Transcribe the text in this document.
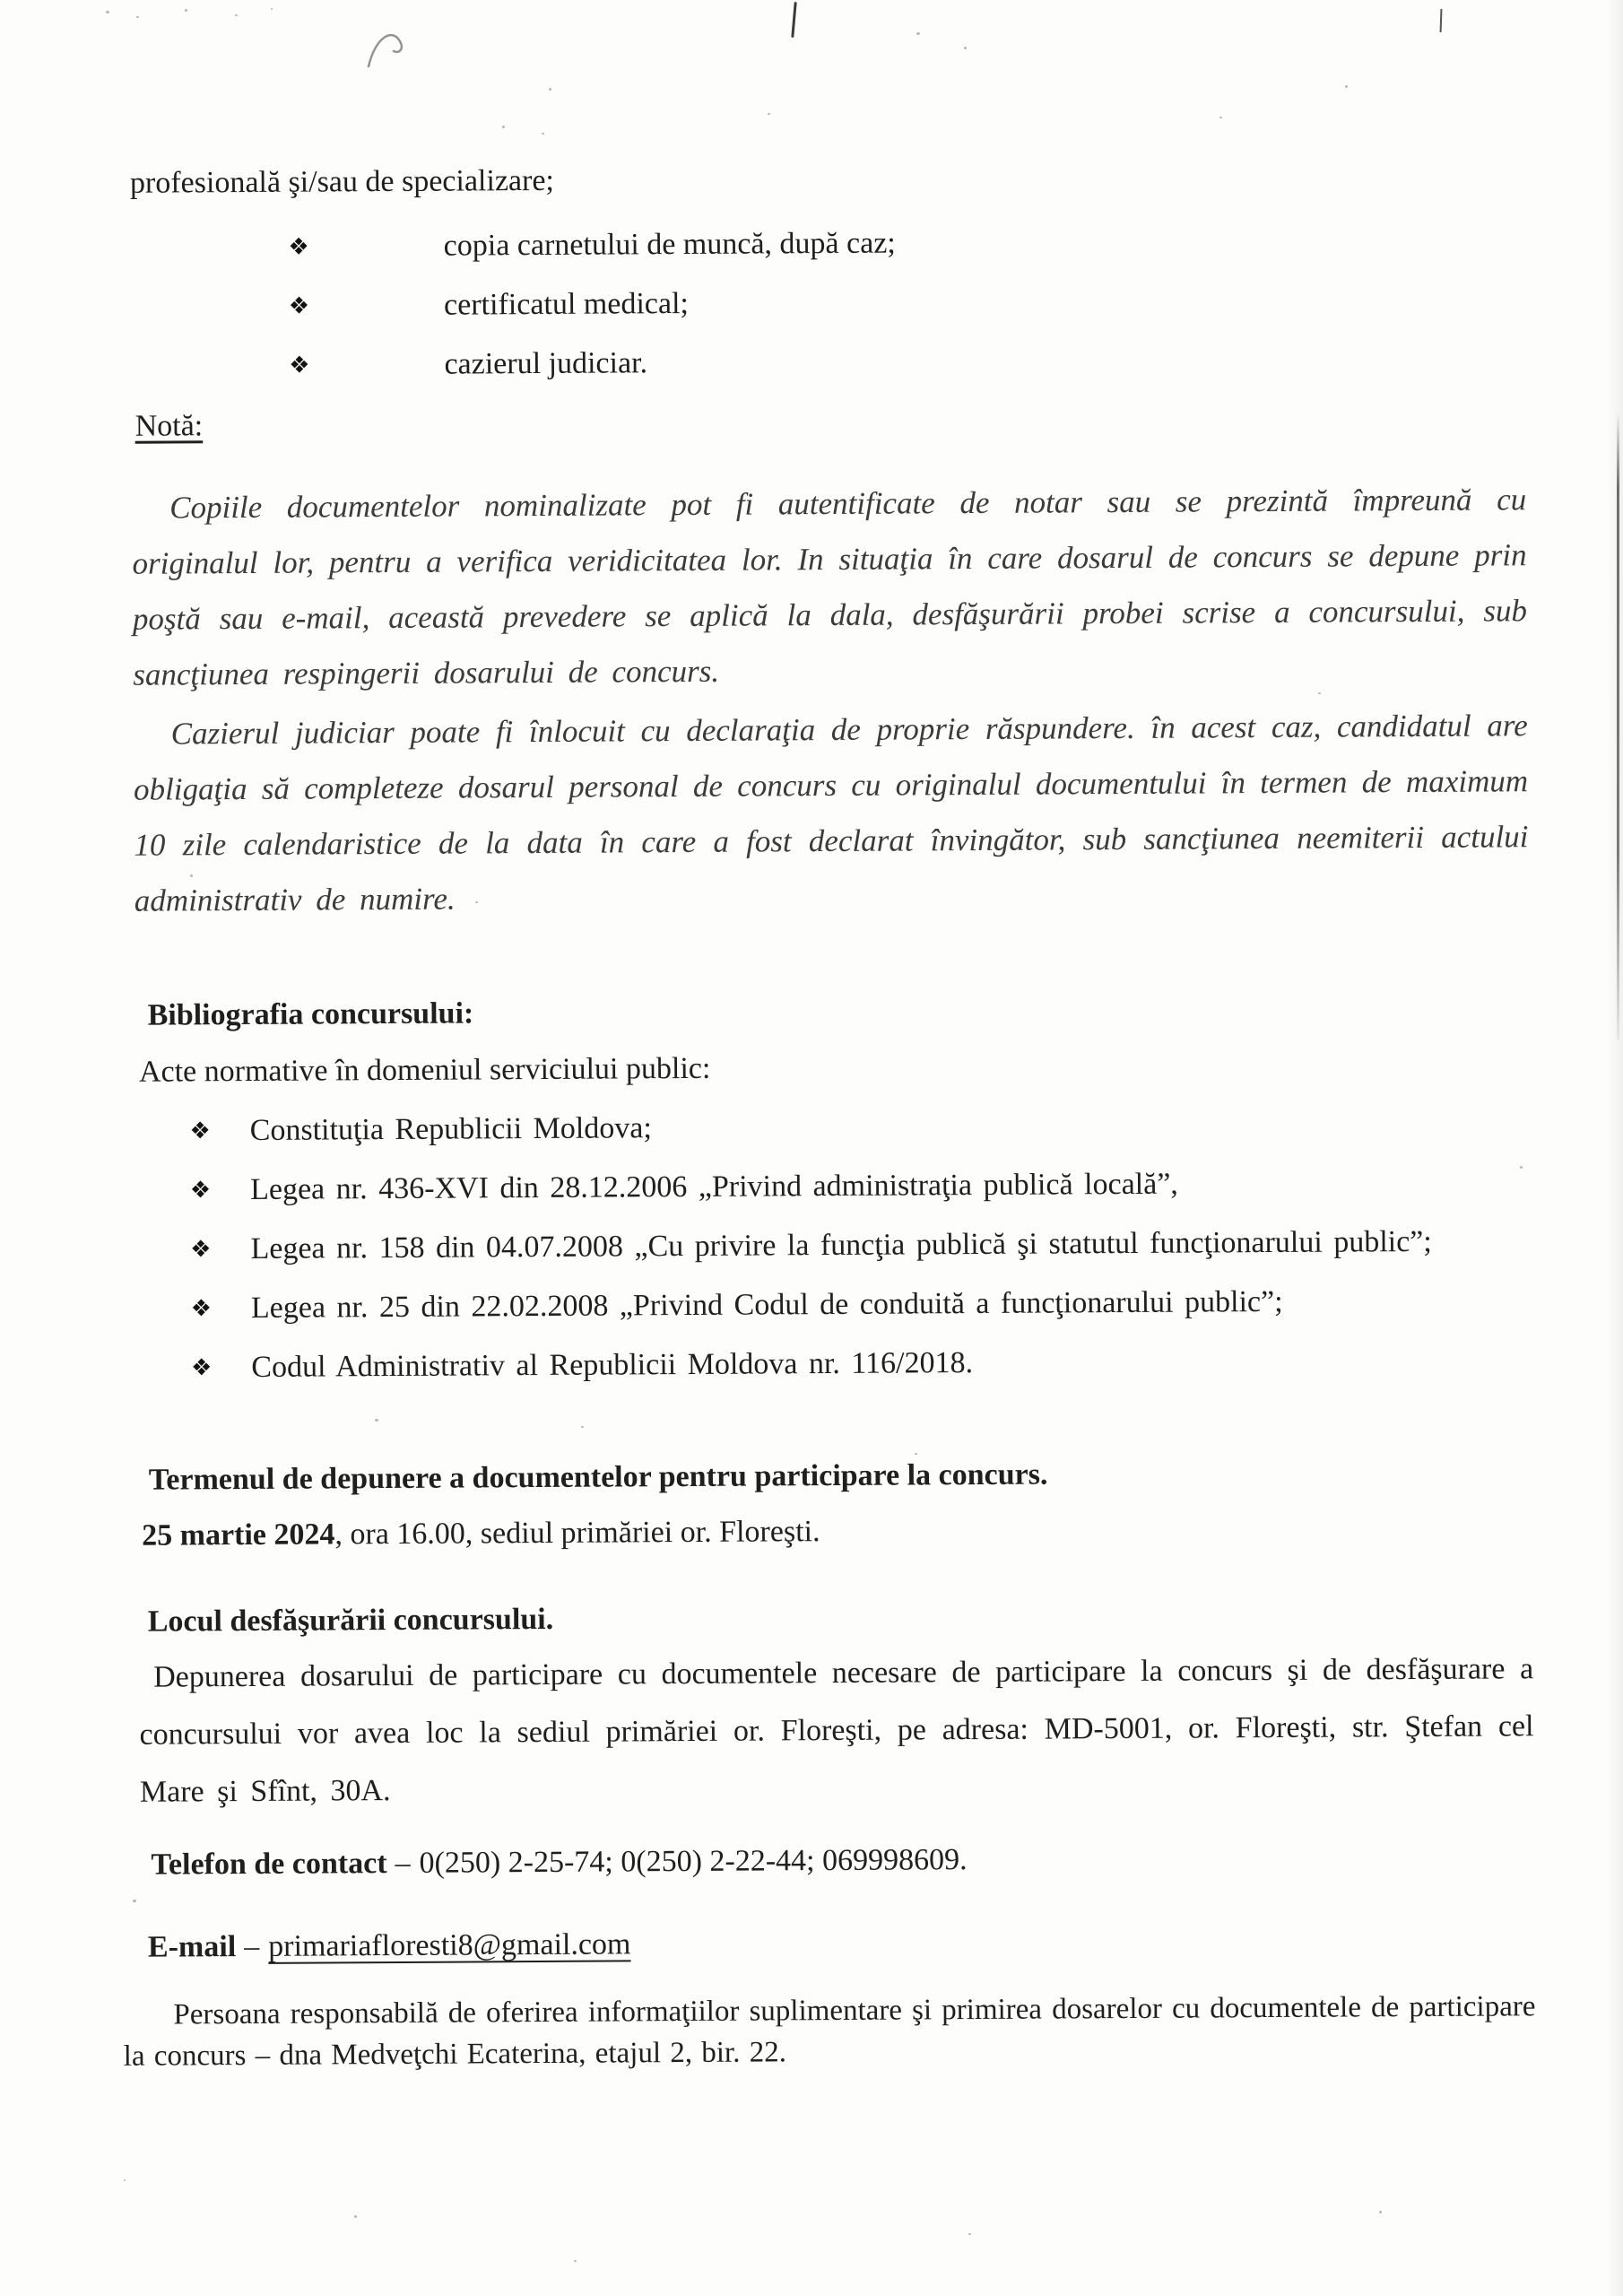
profesională şi/sau de specializare;
❖	copia carnetului de muncă, după caz;
❖	certificatul medical;
❖	cazierul judiciar.
Notă:
Copiile documentelor nominalizate pot fi autentificate de notar sau se prezintă împreună cu originalul lor, pentru a verifica veridicitatea lor. In situaţia în care dosarul de concurs se depune prin poştă sau e-mail, această prevedere se aplică la dala, desfăşurării probei scrise a concursului, sub sancţiunea respingerii dosarului de concurs.
Cazierul judiciar poate fi înlocuit cu declaraţia de proprie răspundere. în acest caz, candidatul are obligaţia să completeze dosarul personal de concurs cu originalul documentului în termen de maximum 10 zile calendaristice de la data în care a fost declarat învingător, sub sancţiunea neemiterii actului administrativ de numire.
Bibliografia concursului:
Acte normative în domeniul serviciului public:
❖ Constituţia Republicii Moldova;
❖ Legea nr. 436-XVI din 28.12.2006 „Privind administraţia publică locală”,
❖ Legea nr. 158 din 04.07.2008 „Cu privire la funcţia publică şi statutul funcţionarului public”;
❖ Legea nr. 25 din 22.02.2008 „Privind Codul de conduită a funcţionarului public”;
❖ Codul Administrativ al Republicii Moldova nr. 116/2018.
Termenul de depunere a documentelor pentru participare la concurs.
25 martie 2024, ora 16.00, sediul primăriei or. Floreşti.
Locul desfăşurării concursului.
Depunerea dosarului de participare cu documentele necesare de participare la concurs şi de desfăşurare a concursului vor avea loc la sediul primăriei or. Floreşti, pe adresa: MD-5001, or. Floreşti, str. Ştefan cel Mare şi Sfînt, 30A.
Telefon de contact – 0(250) 2-25-74; 0(250) 2-22-44; 069998609.
E-mail – primariafloresti8@gmail.com
Persoana responsabilă de oferirea informaţiilor suplimentare şi primirea dosarelor cu documentele de participare la concurs – dna Medveţchi Ecaterina, etajul 2, bir. 22.
